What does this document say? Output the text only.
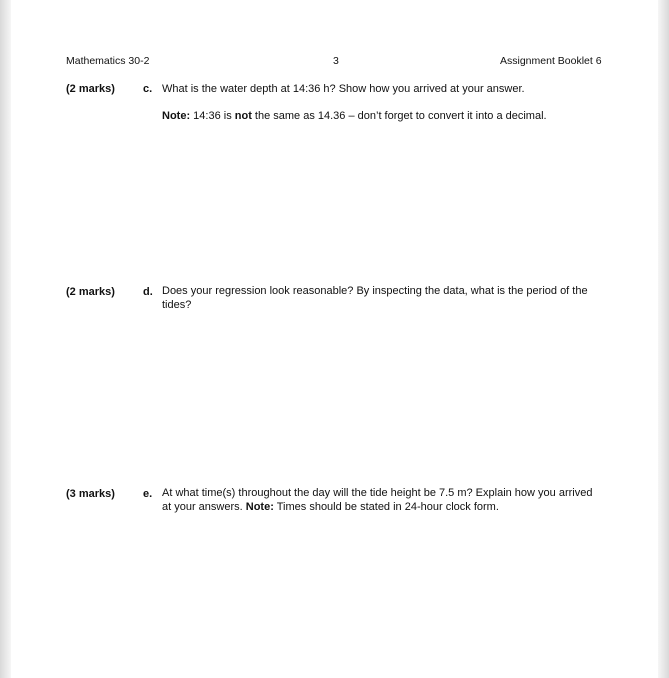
Mathematics 30-2	3	Assignment Booklet 6
(2 marks)	c. What is the water depth at 14:36 h? Show how you arrived at your answer.
Note: 14:36 is not the same as 14.36 – don’t forget to convert it into a decimal.
(2 marks)	d. Does your regression look reasonable? By inspecting the data, what is the period of the tides?
(3 marks)	e. At what time(s) throughout the day will the tide height be 7.5 m? Explain how you arrived at your answers. Note: Times should be stated in 24-hour clock form.
